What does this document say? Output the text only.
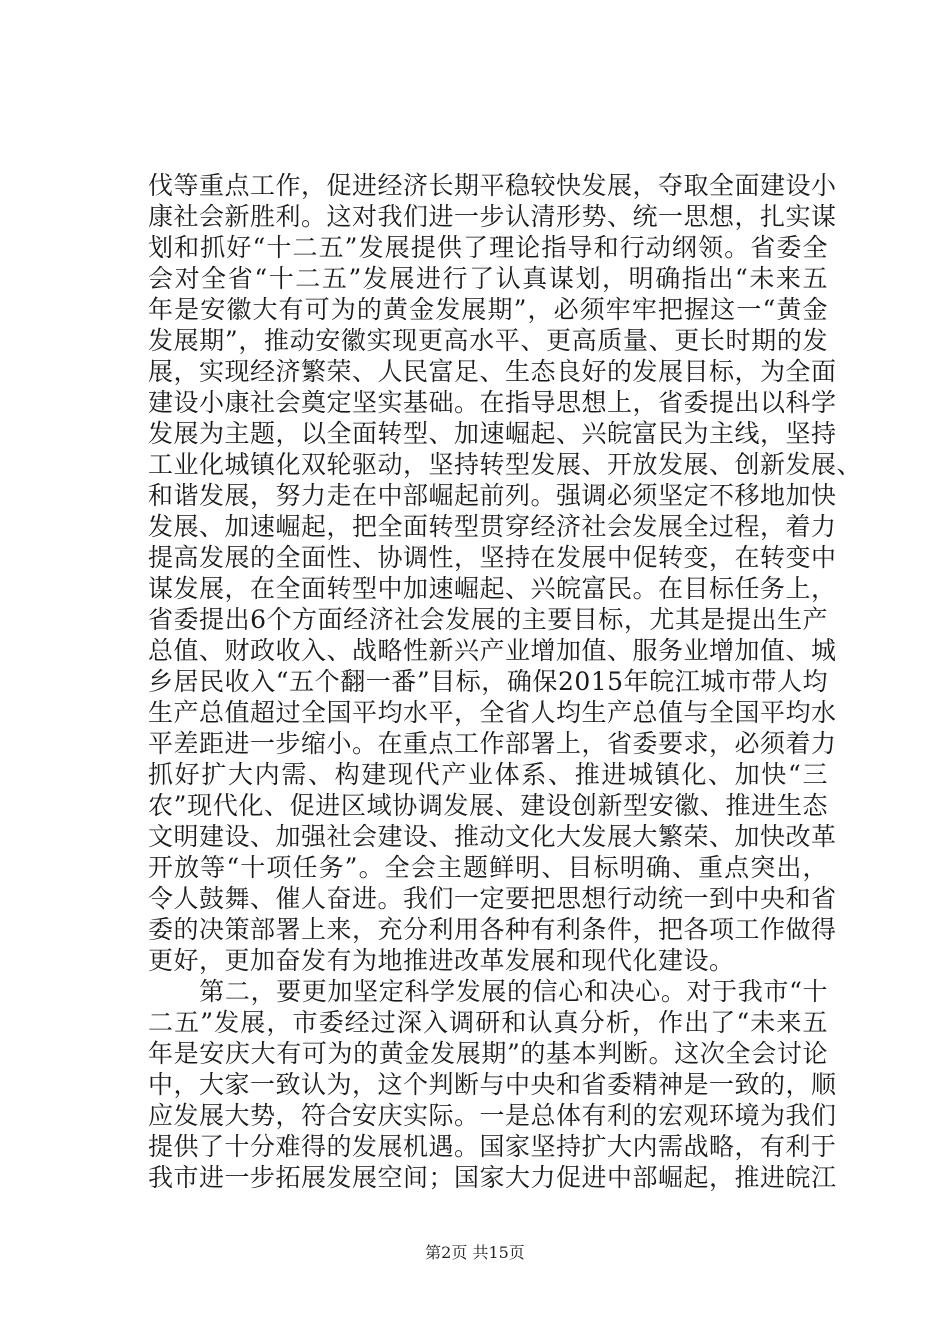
伐等重点工作，促进经济长期平稳较快发展，夺取全面建设小
康社会新胜利。这对我们进一步认清形势、统一思想，扎实谋
划和抓好“十二五”发展提供了理论指导和行动纲领。省委全
会对全省“十二五”发展进行了认真谋划，明确指出“未来五
年是安徽大有可为的黄金发展期”，必须牢牢把握这一“黄金
发展期”，推动安徽实现更高水平、更高质量、更长时期的发
展，实现经济繁荣、人民富足、生态良好的发展目标，为全面
建设小康社会奠定坚实基础。在指导思想上，省委提出以科学
发展为主题，以全面转型、加速崛起、兴皖富民为主线，坚持
工业化城镇化双轮驱动，坚持转型发展、开放发展、创新发展、
和谐发展，努力走在中部崛起前列。强调必须坚定不移地加快
发展、加速崛起，把全面转型贯穿经济社会发展全过程，着力
提高发展的全面性、协调性，坚持在发展中促转变，在转变中
谋发展，在全面转型中加速崛起、兴皖富民。在目标任务上，
省委提出6个方面经济社会发展的主要目标，尤其是提出生产
总值、财政收入、战略性新兴产业增加值、服务业增加值、城
乡居民收入“五个翻一番”目标，确保2015年皖江城市带人均
生产总值超过全国平均水平，全省人均生产总值与全国平均水
平差距进一步缩小。在重点工作部署上，省委要求，必须着力
抓好扩大内需、构建现代产业体系、推进城镇化、加快“三
农”现代化、促进区域协调发展、建设创新型安徽、推进生态
文明建设、加强社会建设、推动文化大发展大繁荣、加快改革
开放等“十项任务”。全会主题鲜明、目标明确、重点突出，
令人鼓舞、催人奋进。我们一定要把思想行动统一到中央和省
委的决策部署上来，充分利用各种有利条件，把各项工作做得
更好，更加奋发有为地推进改革发展和现代化建设。
　　第二，要更加坚定科学发展的信心和决心。对于我市“十
二五”发展，市委经过深入调研和认真分析，作出了“未来五
年是安庆大有可为的黄金发展期”的基本判断。这次全会讨论
中，大家一致认为，这个判断与中央和省委精神是一致的，顺
应发展大势，符合安庆实际。一是总体有利的宏观环境为我们
提供了十分难得的发展机遇。国家坚持扩大内需战略，有利于
我市进一步拓展发展空间；国家大力促进中部崛起，推进皖江
第2页 共15页
